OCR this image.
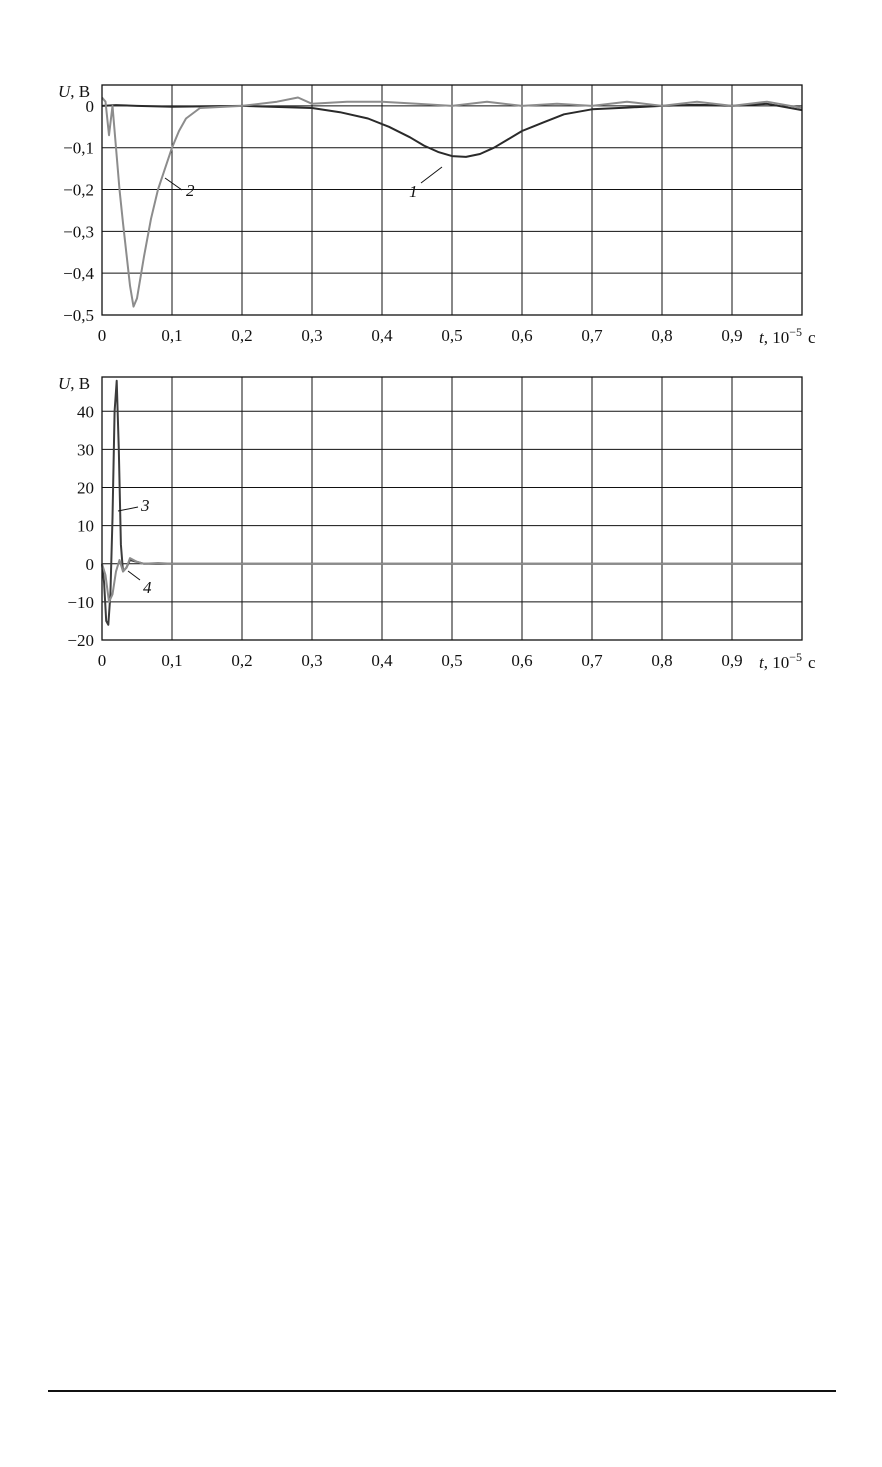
0
−0,1
−0,2
−0,3
−0,4
−0,5
0	0,1	0,2	0,3	0,4	0,5	0,6	0,7	0,8	0,9
2	1
U, В
t, $10^{-5}$ с
40
30
20
10
0
−10
−20
0	0,1	0,2	0,3	0,4	0,5	0,6	0,7	0,8	0,9
3
4
U, В
t, $10^{-5}$ с
